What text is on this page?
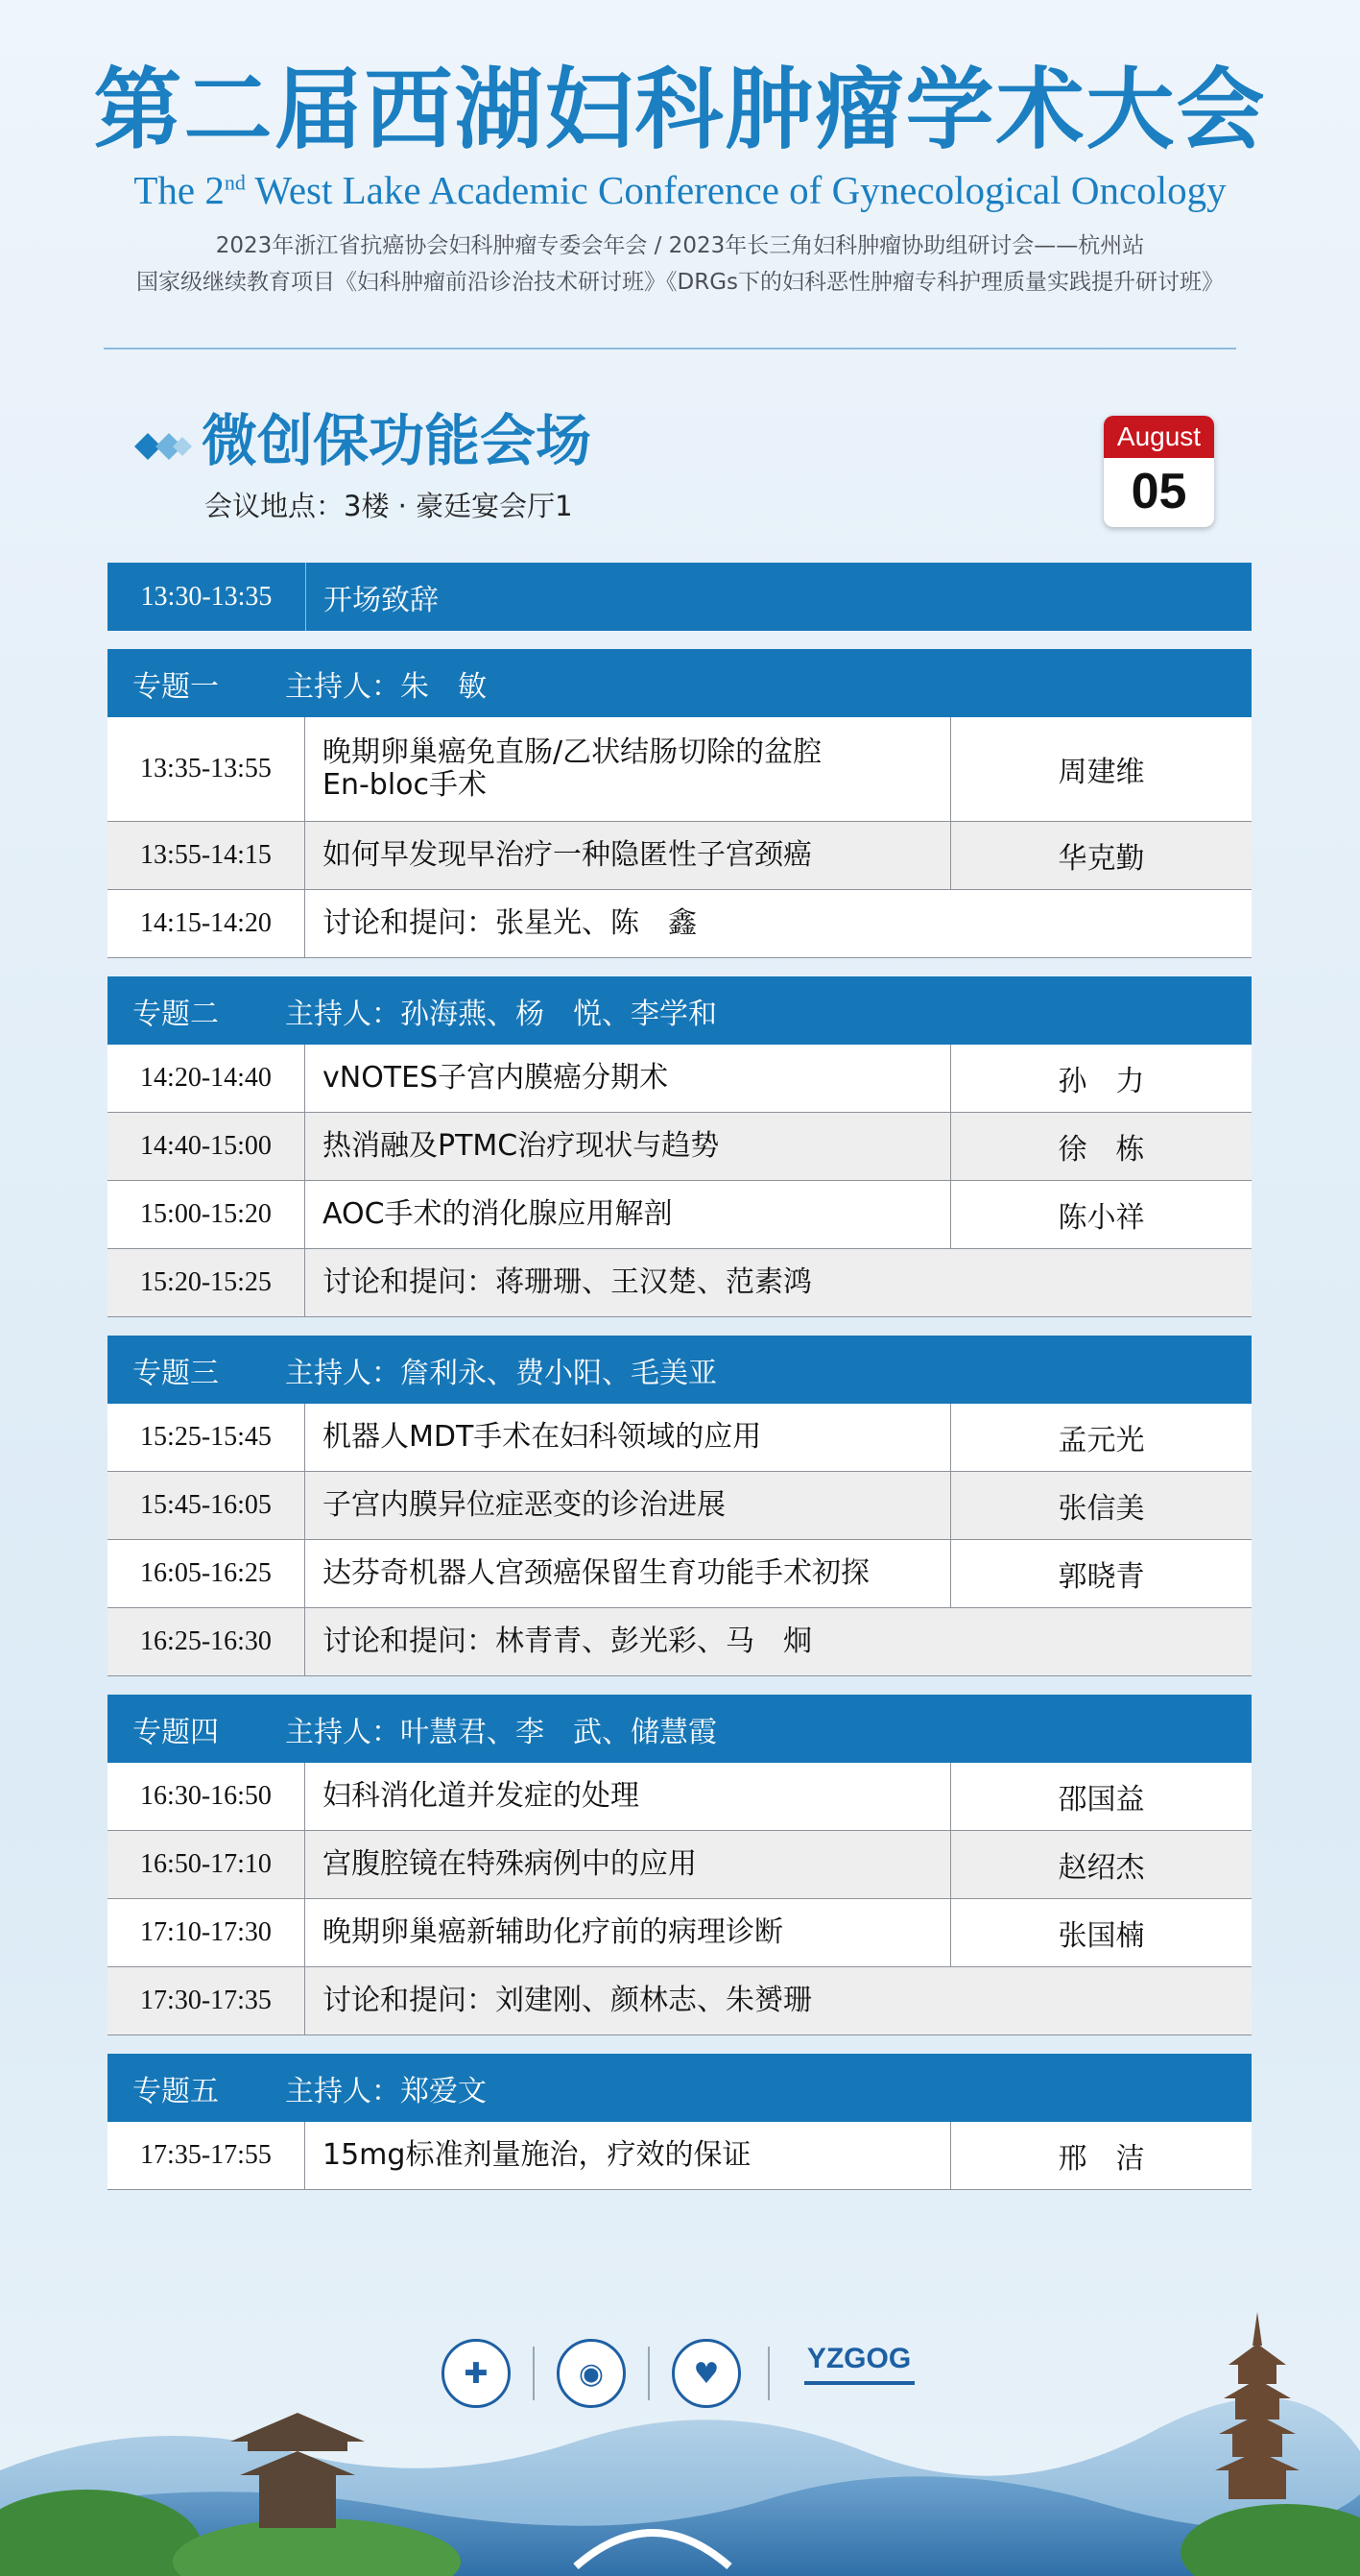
第二届西湖妇科肿瘤学术大会
The 2nd West Lake Academic Conference of Gynecological Oncology
2023年浙江省抗癌协会妇科肿瘤专委会年会 / 2023年长三角妇科肿瘤协助组研讨会——杭州站
国家级继续教育项目《妇科肿瘤前沿诊治技术研讨班》《DRGs下的妇科恶性肿瘤专科护理质量实践提升研讨班》
微创保功能会场
会议地点：3楼 · 豪廷宴会厅1
August
05
13:30-13:35	开场致辞
专题一 主持人：朱　敏
13:35-13:55	晚期卵巢癌免直肠/乙状结肠切除的盆腔
En-bloc手术	周建维
13:55-14:15	如何早发现早治疗一种隐匿性子宫颈癌	华克勤
14:15-14:20	讨论和提问：张星光、陈　鑫
专题二 主持人：孙海燕、杨　悦、李学和
14:20-14:40	vNOTES子宫内膜癌分期术	孙　力
14:40-15:00	热消融及PTMC治疗现状与趋势	徐　栋
15:00-15:20	AOC手术的消化腺应用解剖	陈小祥
15:20-15:25	讨论和提问：蒋珊珊、王汉楚、范素鸿
专题三 主持人：詹利永、费小阳、毛美亚
15:25-15:45	机器人MDT手术在妇科领域的应用	孟元光
15:45-16:05	子宫内膜异位症恶变的诊治进展	张信美
16:05-16:25	达芬奇机器人宫颈癌保留生育功能手术初探	郭晓青
16:25-16:30	讨论和提问：林青青、彭光彩、马　炯
专题四 主持人：叶慧君、李　武、储慧霞
16:30-16:50	妇科消化道并发症的处理	邵国益
16:50-17:10	宫腹腔镜在特殊病例中的应用	赵绍杰
17:10-17:30	晚期卵巢癌新辅助化疗前的病理诊断	张国楠
17:30-17:35	讨论和提问：刘建刚、颜林志、朱赟珊
专题五 主持人：郑爱文
17:35-17:55	15mg标准剂量施治，疗效的保证	邢　洁
✚	◉	♥	YZGOG
